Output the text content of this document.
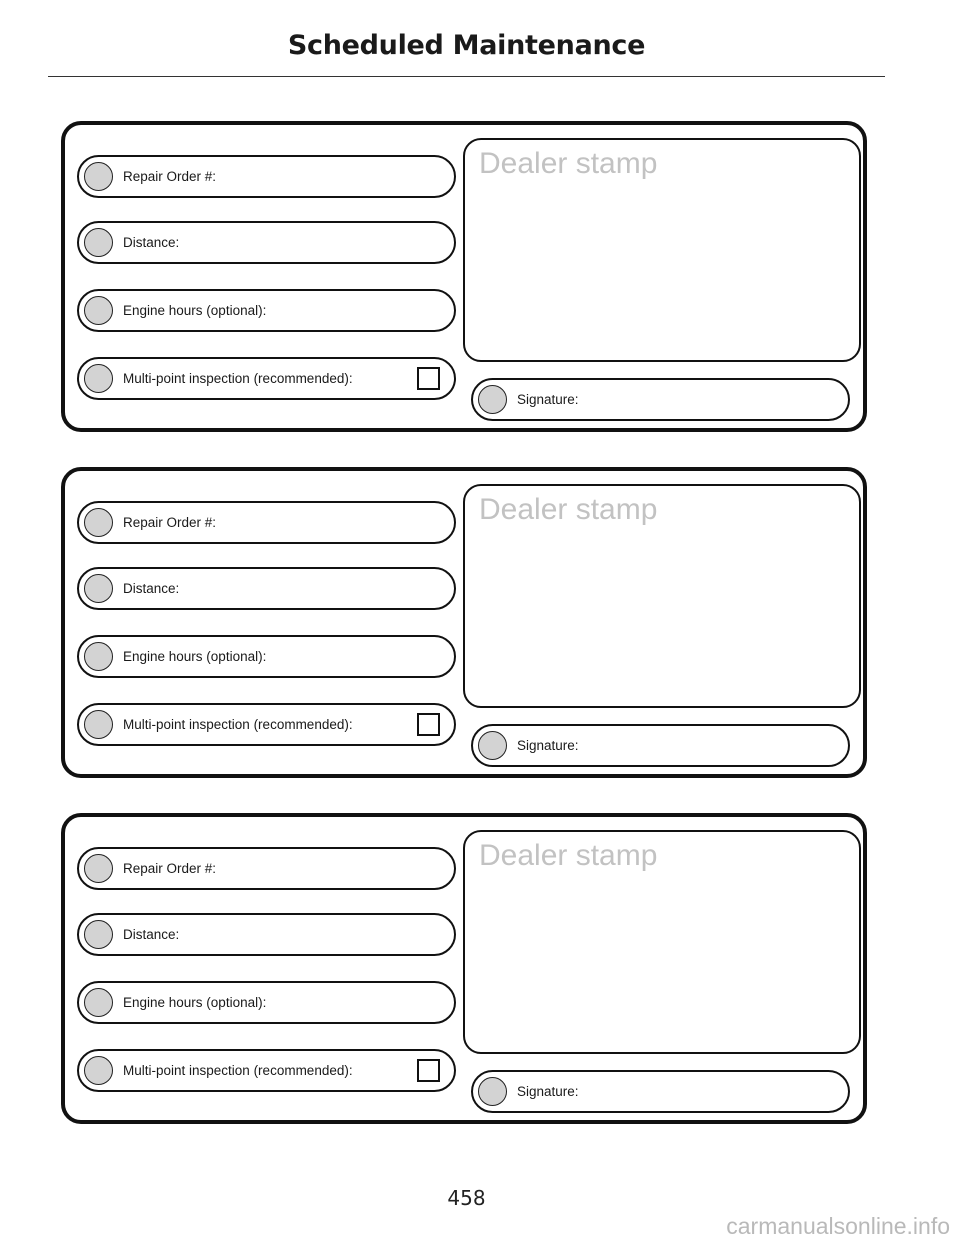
Scheduled Maintenance
Repair Order #:
Distance:
Engine hours (optional):
Multi-point inspection (recommended):
Dealer stamp
Signature:
Repair Order #:
Distance:
Engine hours (optional):
Multi-point inspection (recommended):
Dealer stamp
Signature:
Repair Order #:
Distance:
Engine hours (optional):
Multi-point inspection (recommended):
Dealer stamp
Signature:
458
carmanualsonline.info
